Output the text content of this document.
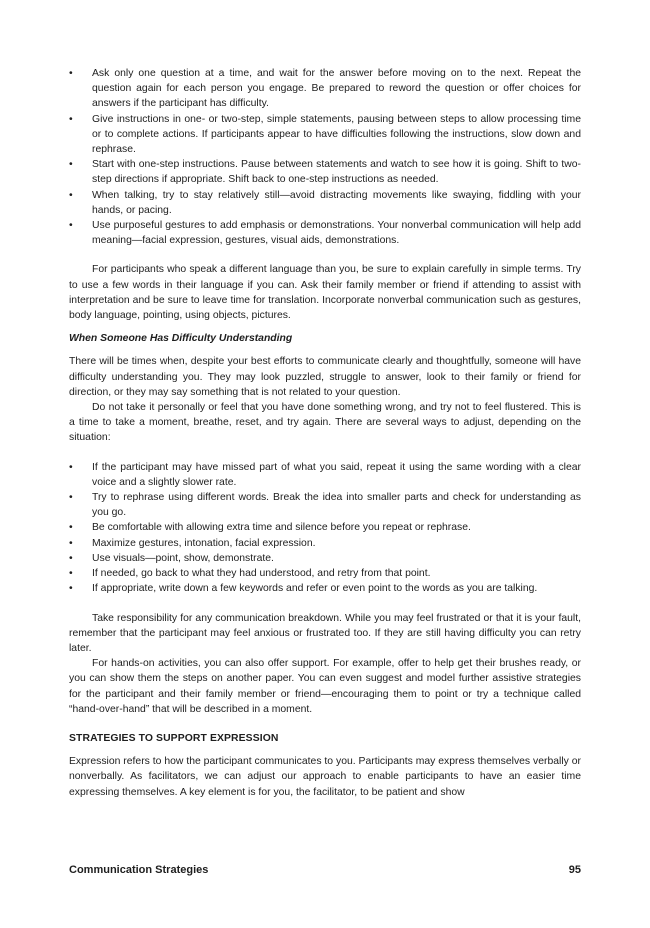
•	Ask only one question at a time, and wait for the answer before moving on to the next. Repeat the question again for each person you engage. Be prepared to reword the question or offer choices for answers if the participant has difficulty.
•	Give instructions in one- or two-step, simple statements, pausing between steps to allow processing time or to complete actions. If participants appear to have difficulties following the instructions, slow down and rephrase.
•	Start with one-step instructions. Pause between statements and watch to see how it is going. Shift to two-step directions if appropriate. Shift back to one-step instructions as needed.
•	When talking, try to stay relatively still—avoid distracting movements like swaying, fiddling with your hands, or pacing.
•	Use purposeful gestures to add emphasis or demonstrations. Your nonverbal communication will help add meaning—facial expression, gestures, visual aids, demonstrations.

For participants who speak a different language than you, be sure to explain carefully in simple terms. Try to use a few words in their language if you can. Ask their family member or friend if attending to assist with interpretation and be sure to leave time for translation. Incorporate nonverbal communication such as gestures, body language, pointing, using objects, pictures.

When Someone Has Difficulty Understanding

There will be times when, despite your best efforts to communicate clearly and thoughtfully, someone will have difficulty understanding you. They may look puzzled, struggle to answer, look to their family or friend for direction, or they may say something that is not related to your question.

Do not take it personally or feel that you have done something wrong, and try not to feel flustered. This is a time to take a moment, breathe, reset, and try again. There are several ways to adjust, depending on the situation:

•	If the participant may have missed part of what you said, repeat it using the same wording with a clear voice and a slightly slower rate.
•	Try to rephrase using different words. Break the idea into smaller parts and check for understanding as you go.
•	Be comfortable with allowing extra time and silence before you repeat or rephrase.
•	Maximize gestures, intonation, facial expression.
•	Use visuals—point, show, demonstrate.
•	If needed, go back to what they had understood, and retry from that point.
•	If appropriate, write down a few keywords and refer or even point to the words as you are talking.

Take responsibility for any communication breakdown. While you may feel frustrated or that it is your fault, remember that the participant may feel anxious or frustrated too. If they are still having difficulty you can retry later.

For hands-on activities, you can also offer support. For example, offer to help get their brushes ready, or you can show them the steps on another paper. You can even suggest and model further assistive strategies for the participant and their family member or friend—encouraging them to point or try a technique called “hand-over-hand” that will be described in a moment.

STRATEGIES TO SUPPORT EXPRESSION

Expression refers to how the participant communicates to you. Participants may express themselves verbally or nonverbally. As facilitators, we can adjust our approach to enable participants to have an easier time expressing themselves. A key element is for you, the facilitator, to be patient and show

Communication Strategies	95
